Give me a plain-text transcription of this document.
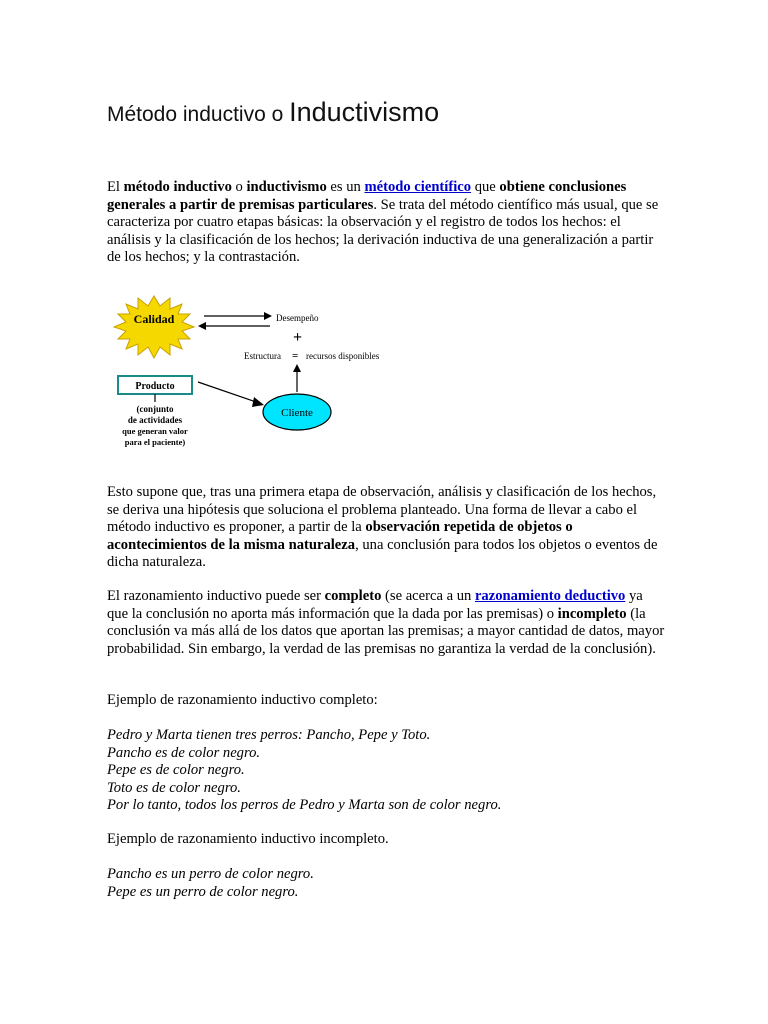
Método inductivo o Inductivismo

El método inductivo o inductivismo es un método científico que obtiene conclusiones generales a partir de premisas particulares. Se trata del método científico más usual, que se caracteriza por cuatro etapas básicas: la observación y el registro de todos los hechos: el análisis y la clasificación de los hechos; la derivación inductiva de una generalización a partir de los hechos; y la contrastación.

Calidad	Desempeño
+
Estructura = recursos disponibles
Producto
(conjunto
de actividades
que generan valor
para el paciente)
Cliente

Esto supone que, tras una primera etapa de observación, análisis y clasificación de los hechos, se deriva una hipótesis que soluciona el problema planteado. Una forma de llevar a cabo el método inductivo es proponer, a partir de la observación repetida de objetos o acontecimientos de la misma naturaleza, una conclusión para todos los objetos o eventos de dicha naturaleza.

El razonamiento inductivo puede ser completo (se acerca a un razonamiento deductivo ya que la conclusión no aporta más información que la dada por las premisas) o incompleto (la conclusión va más allá de los datos que aportan las premisas; a mayor cantidad de datos, mayor probabilidad. Sin embargo, la verdad de las premisas no garantiza la verdad de la conclusión).

Ejemplo de razonamiento inductivo completo:

Pedro y Marta tienen tres perros: Pancho, Pepe y Toto.

Pancho es de color negro.

Pepe es de color negro.

Toto es de color negro.

Por lo tanto, todos los perros de Pedro y Marta son de color negro.

Ejemplo de razonamiento inductivo incompleto.

Pancho es un perro de color negro.

Pepe es un perro de color negro.
